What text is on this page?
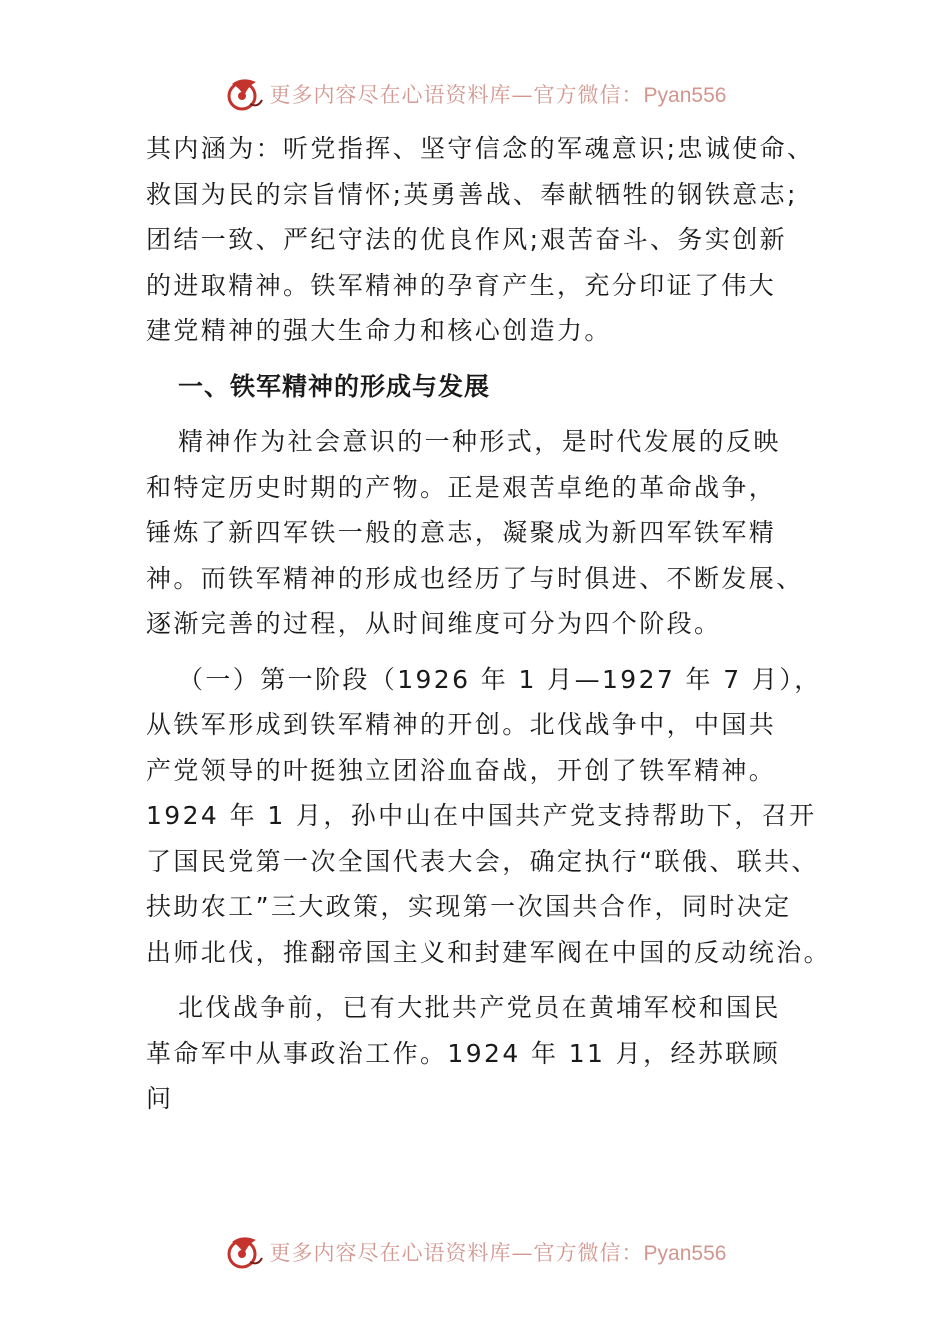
更多内容尽在心语资料库—官方微信：Pyan556
其内涵为：听党指挥、坚守信念的军魂意识;忠诚使命、
救国为民的宗旨情怀;英勇善战、奉献牺牲的钢铁意志;
团结一致、严纪守法的优良作风;艰苦奋斗、务实创新
的进取精神。铁军精神的孕育产生，充分印证了伟大
建党精神的强大生命力和核心创造力。
一、铁军精神的形成与发展
精神作为社会意识的一种形式，是时代发展的反映
和特定历史时期的产物。正是艰苦卓绝的革命战争，
锤炼了新四军铁一般的意志，凝聚成为新四军铁军精
神。而铁军精神的形成也经历了与时俱进、不断发展、
逐渐完善的过程，从时间维度可分为四个阶段。
（一）第一阶段（1926 年 1 月—1927 年 7 月），
从铁军形成到铁军精神的开创。北伐战争中，中国共
产党领导的叶挺独立团浴血奋战，开创了铁军精神。
1924 年 1 月，孙中山在中国共产党支持帮助下，召开
了国民党第一次全国代表大会，确定执行“联俄、联共、
扶助农工”三大政策，实现第一次国共合作，同时决定
出师北伐，推翻帝国主义和封建军阀在中国的反动统治。
北伐战争前，已有大批共产党员在黄埔军校和国民
革命军中从事政治工作。1924 年 11 月，经苏联顾
问
更多内容尽在心语资料库—官方微信：Pyan556
